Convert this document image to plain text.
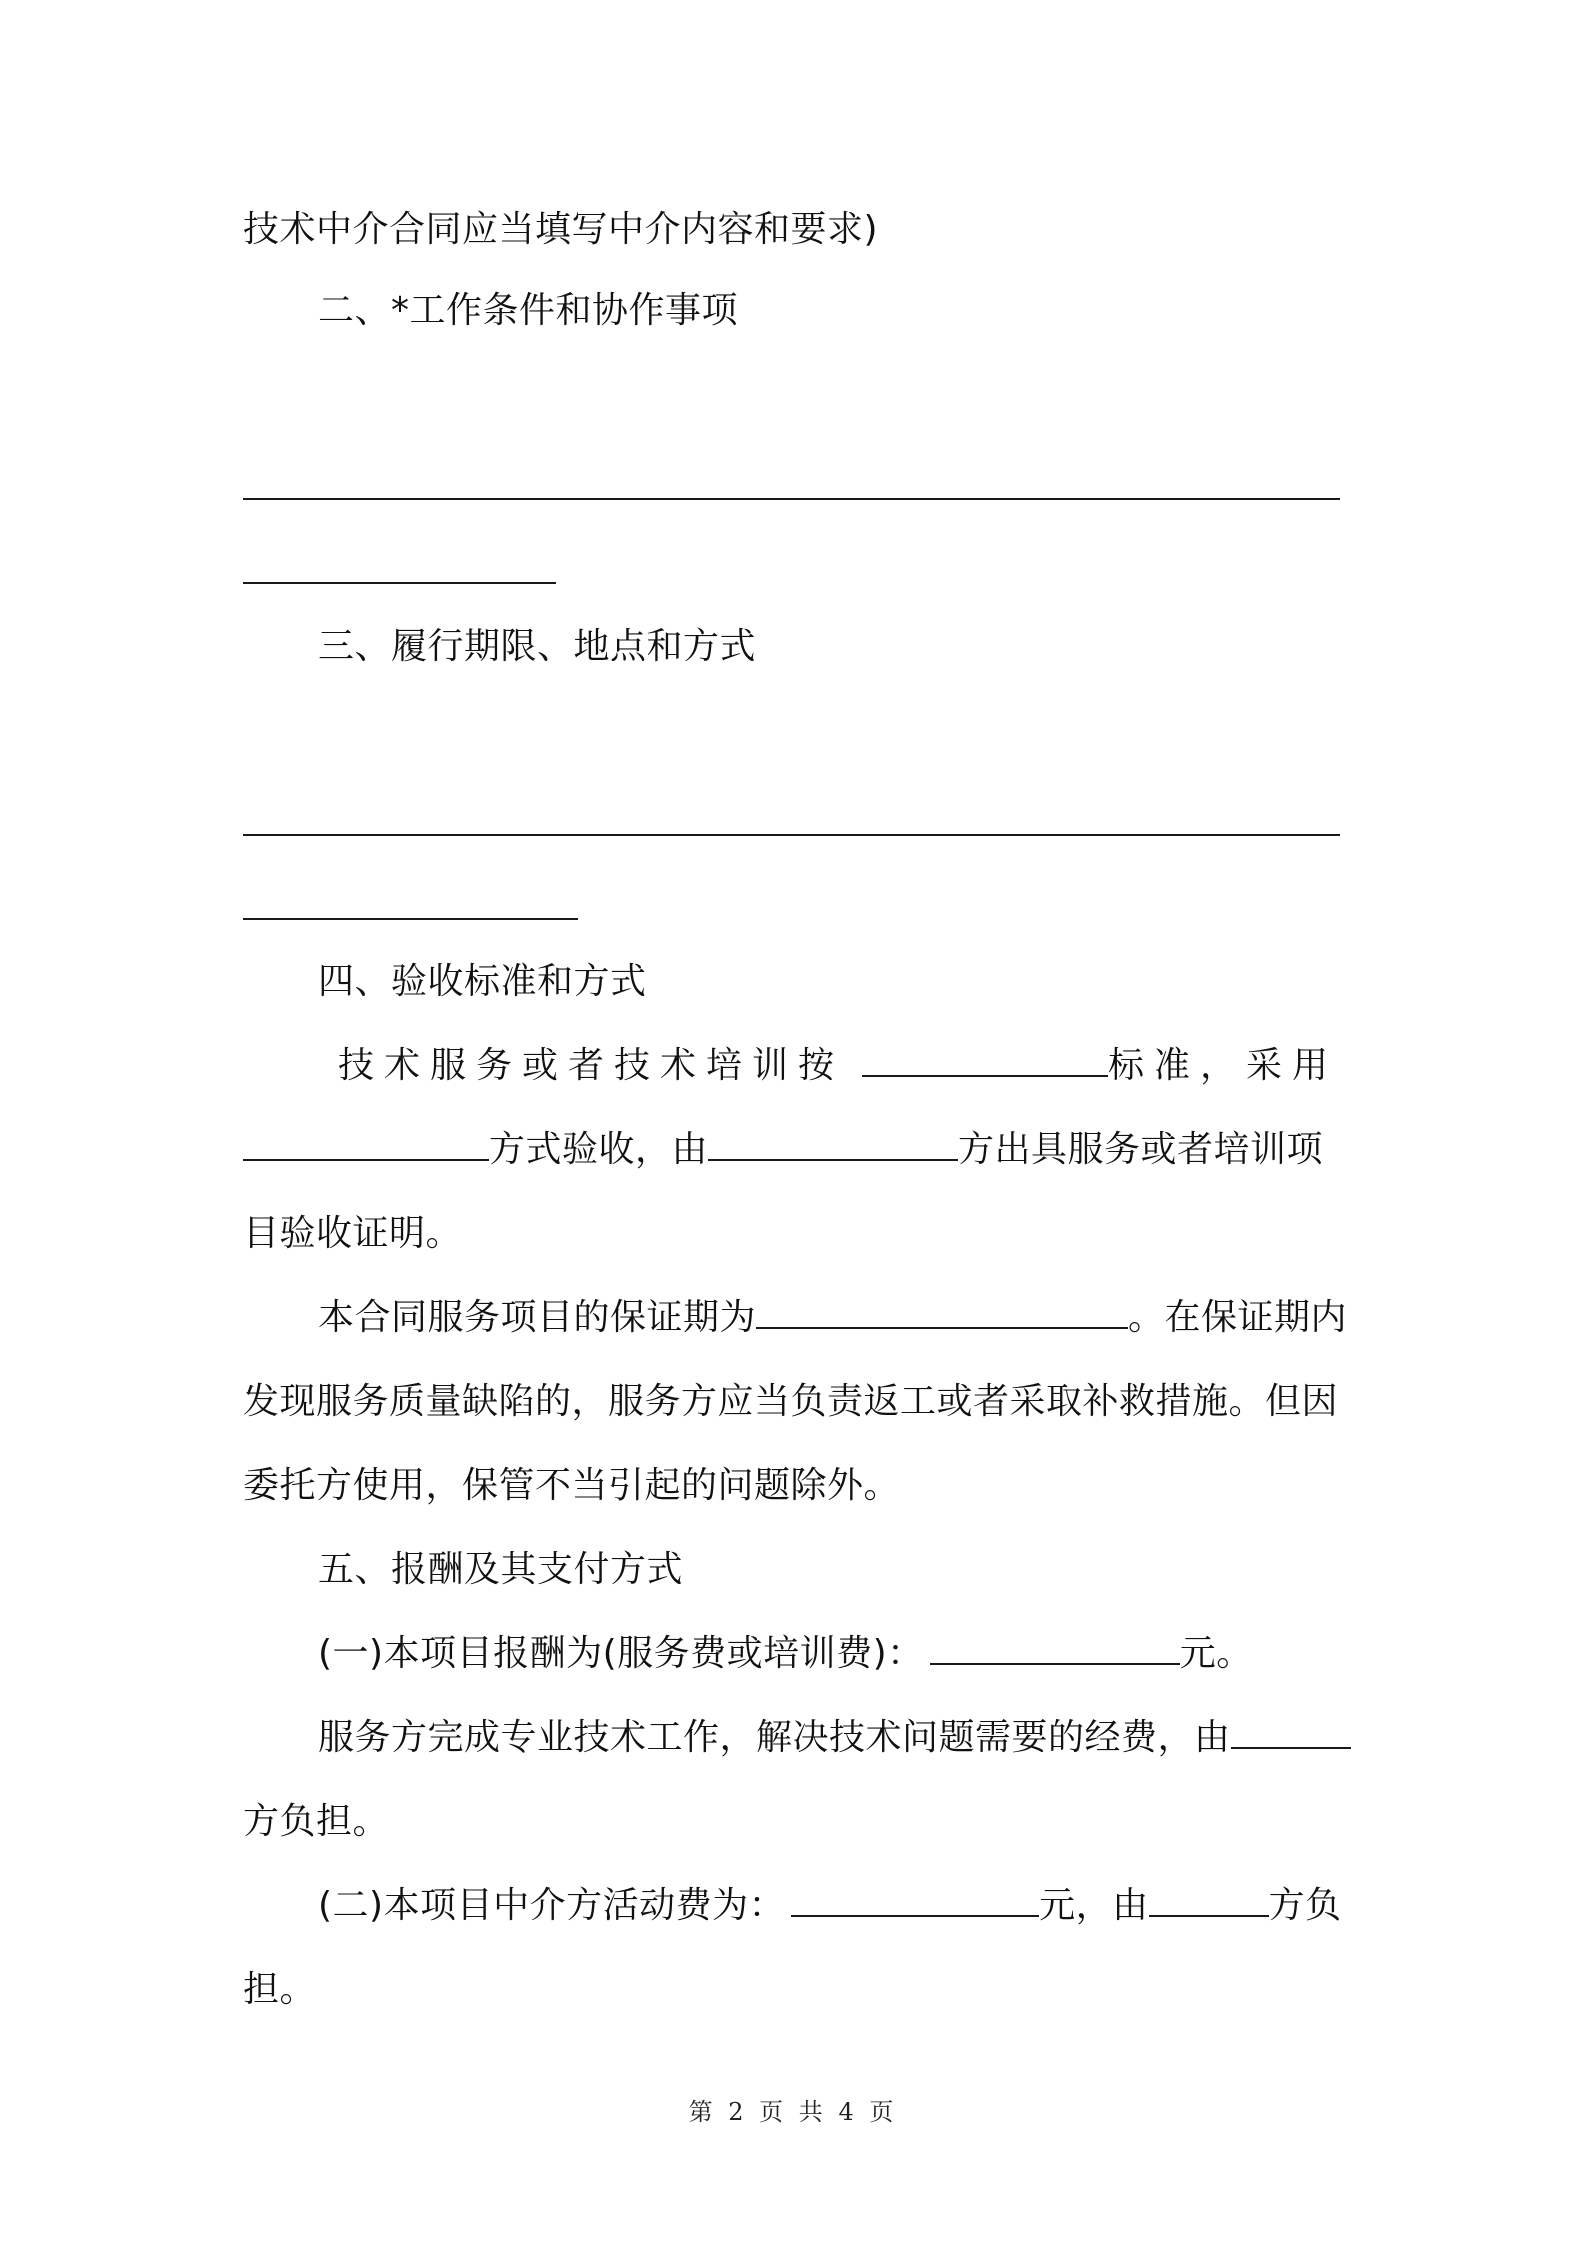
技术中介合同应当填写中介内容和要求)
二、*工作条件和协作事项
三、履行期限、地点和方式
四、验收标准和方式
技术服务或者技术培训按	标准，采用
方式验收，由	方出具服务或者培训项
目验收证明。
本合同服务项目的保证期为	。在保证期内
发现服务质量缺陷的，服务方应当负责返工或者采取补救措施。但因
委托方使用，保管不当引起的问题除外。
五、报酬及其支付方式
(一)本项目报酬为(服务费或培训费)：	元。
服务方完成专业技术工作，解决技术问题需要的经费，由
方负担。
(二)本项目中介方活动费为：	元，由	方负
担。
第 2 页 共 4 页
